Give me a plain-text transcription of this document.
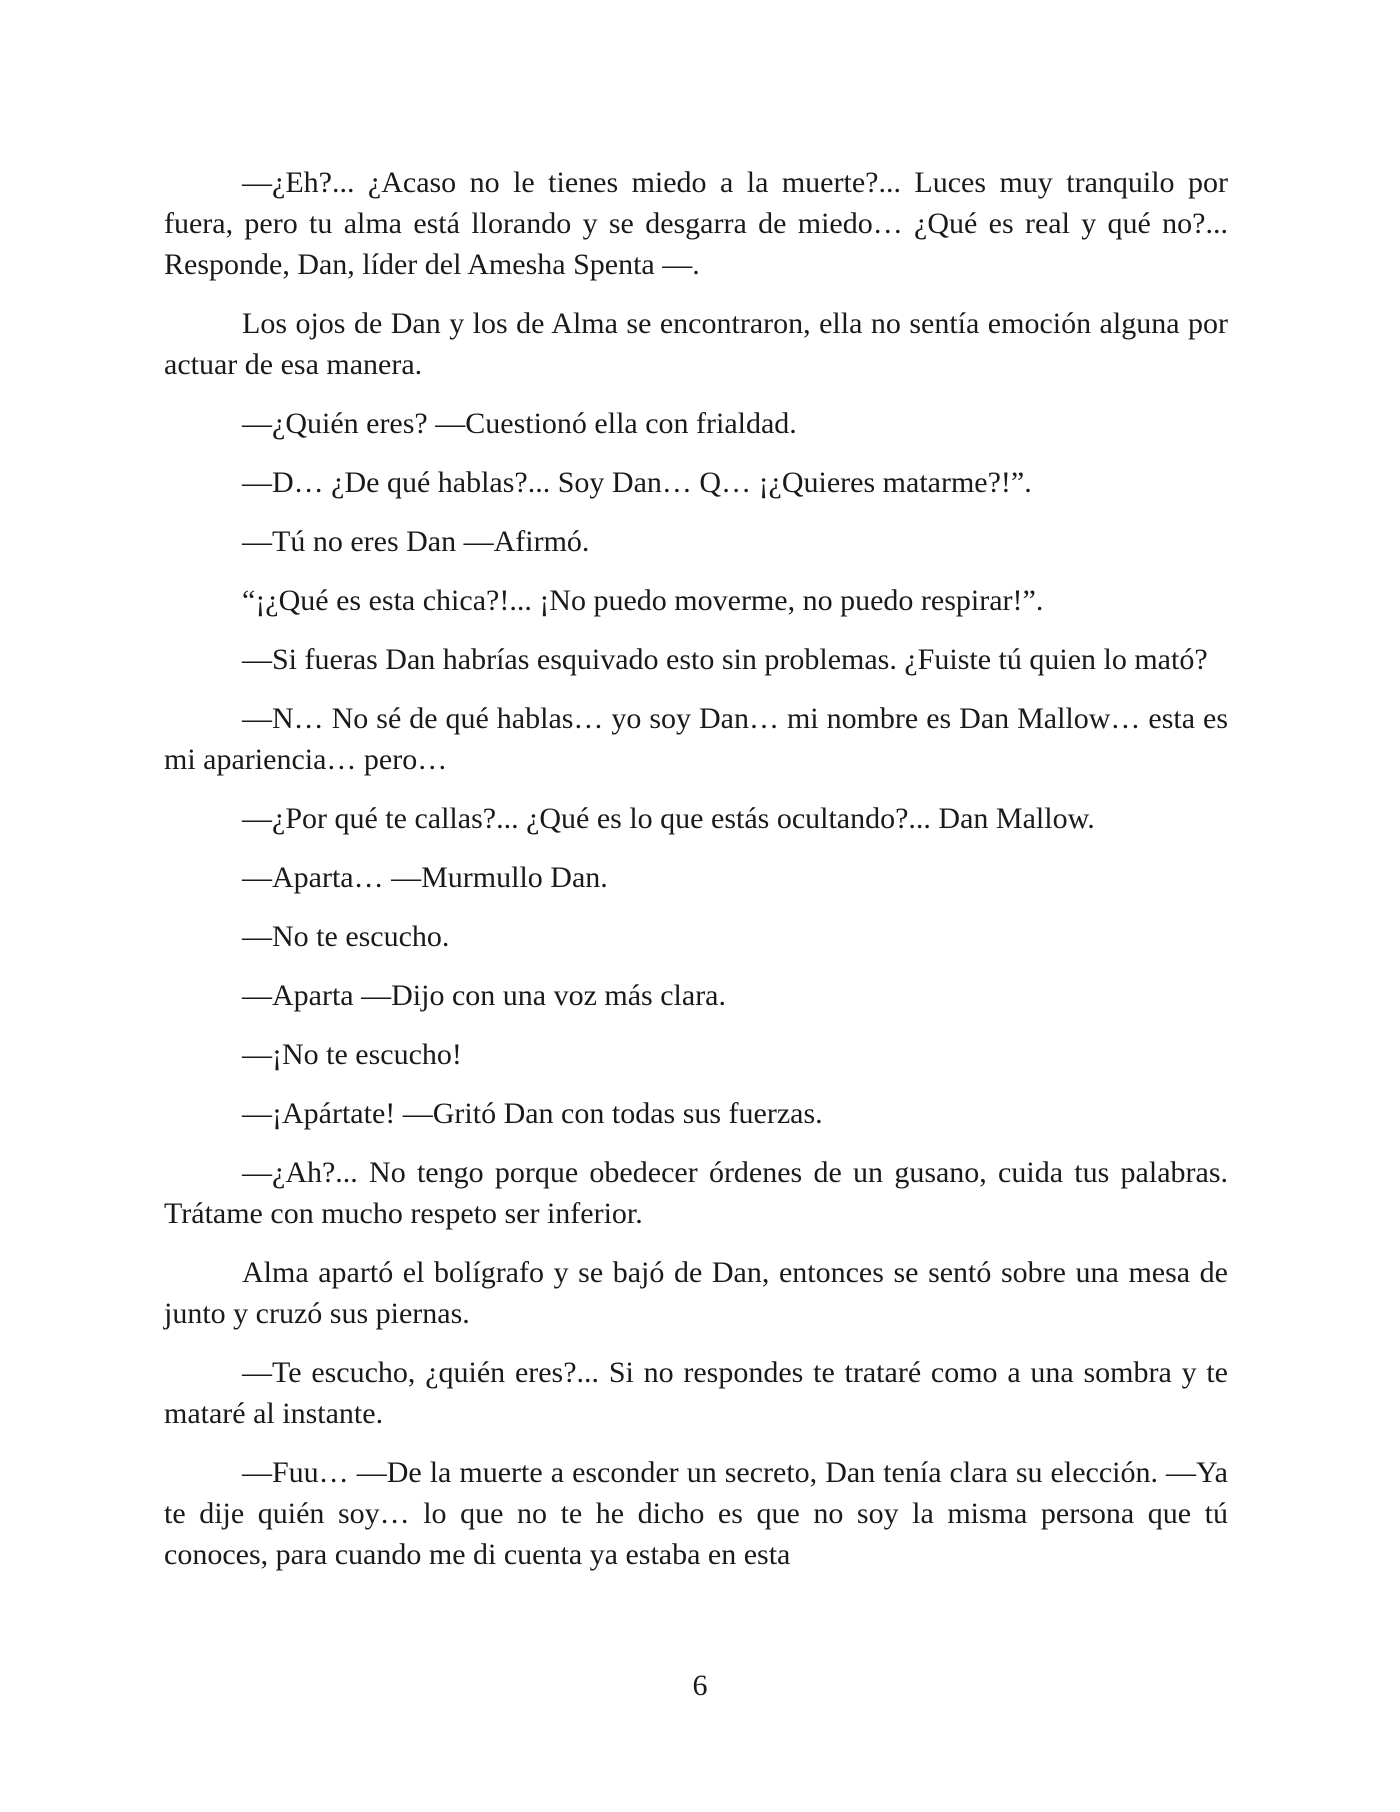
—¿Eh?... ¿Acaso no le tienes miedo a la muerte?... Luces muy tranquilo por fuera, pero tu alma está llorando y se desgarra de miedo… ¿Qué es real y qué no?... Responde, Dan, líder del Amesha Spenta —.

Los ojos de Dan y los de Alma se encontraron, ella no sentía emoción alguna por actuar de esa manera.

—¿Quién eres? —Cuestionó ella con frialdad.

—D… ¿De qué hablas?... Soy Dan… Q… ¡¿Quieres matarme?!”.

—Tú no eres Dan —Afirmó.

“¡¿Qué es esta chica?!... ¡No puedo moverme, no puedo respirar!”.

—Si fueras Dan habrías esquivado esto sin problemas. ¿Fuiste tú quien lo mató?

—N… No sé de qué hablas… yo soy Dan… mi nombre es Dan Mallow… esta es mi apariencia… pero…

—¿Por qué te callas?... ¿Qué es lo que estás ocultando?... Dan Mallow.

—Aparta… —Murmullo Dan.

—No te escucho.

—Aparta —Dijo con una voz más clara.

—¡No te escucho!

—¡Apártate! —Gritó Dan con todas sus fuerzas.

—¿Ah?... No tengo porque obedecer órdenes de un gusano, cuida tus palabras. Trátame con mucho respeto ser inferior.

Alma apartó el bolígrafo y se bajó de Dan, entonces se sentó sobre una mesa de junto y cruzó sus piernas.

—Te escucho, ¿quién eres?... Si no respondes te trataré como a una sombra y te mataré al instante.

—Fuu… —De la muerte a esconder un secreto, Dan tenía clara su elección. —Ya te dije quién soy… lo que no te he dicho es que no soy la misma persona que tú conoces, para cuando me di cuenta ya estaba en esta

6
